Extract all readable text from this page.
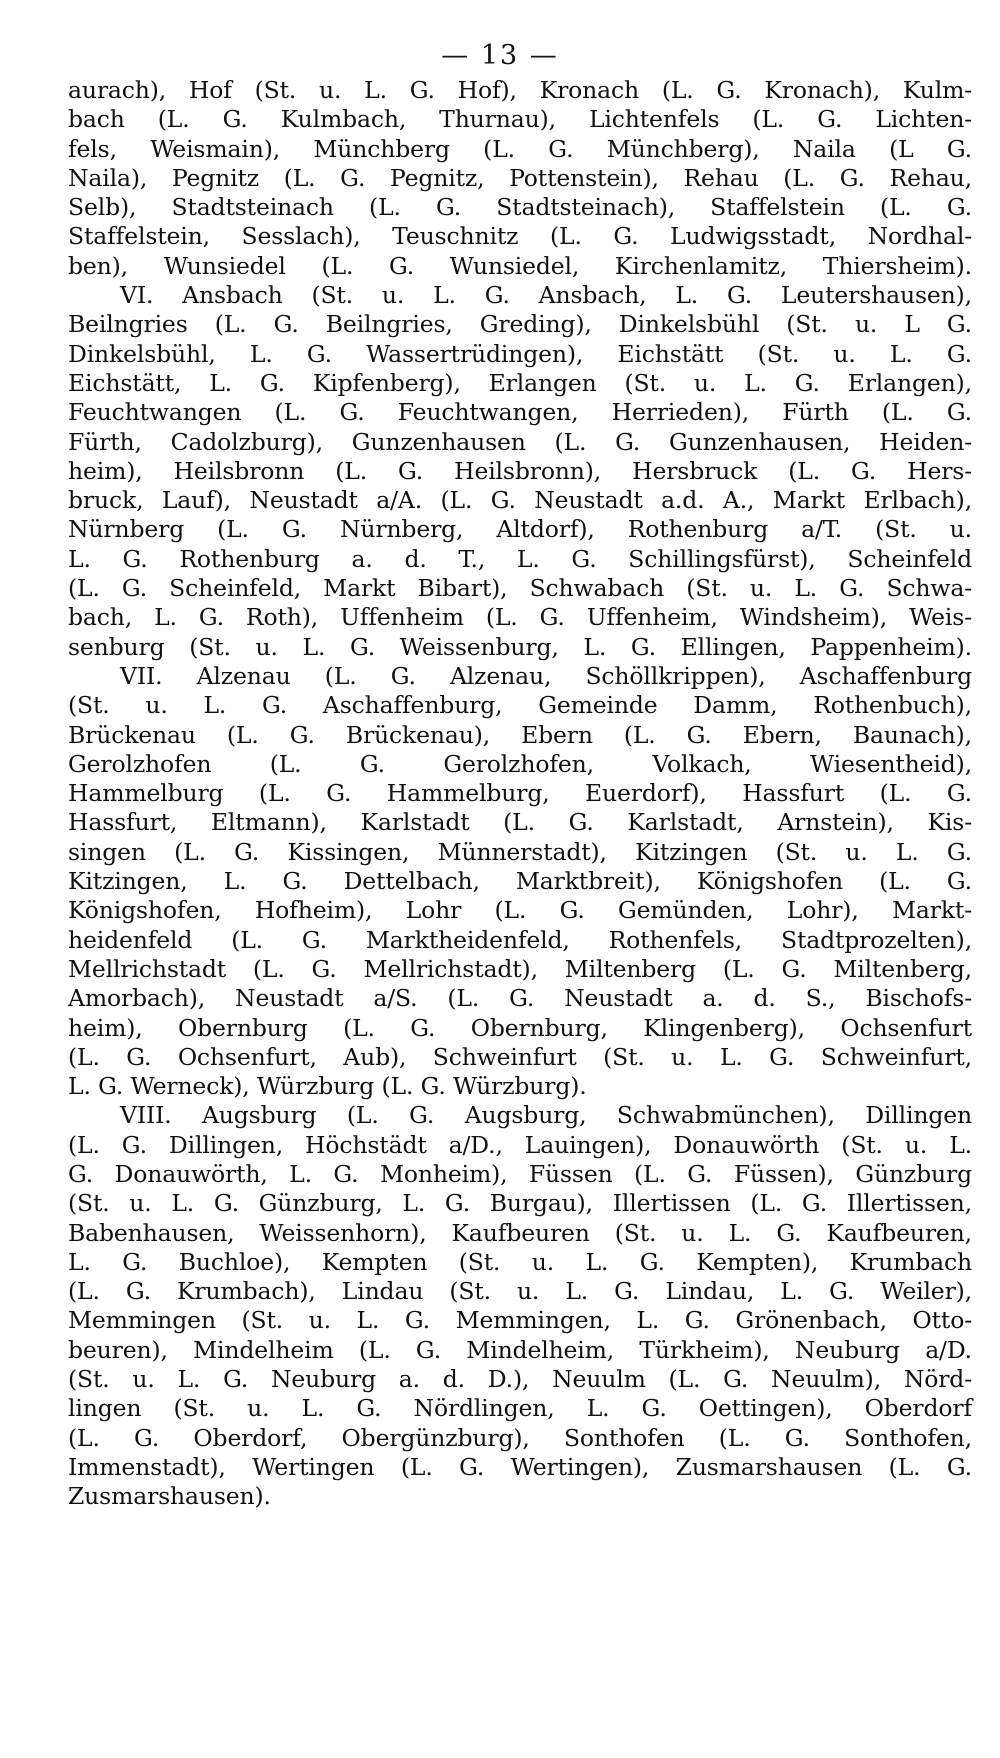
— 13 —
aurach), Hof (St. u. L. G. Hof), Kronach (L. G. Kronach), Kulm-
bach (L. G. Kulmbach, Thurnau), Lichtenfels (L. G. Lichten-
fels, Weismain), Münchberg (L. G. Münchberg), Naila (L G.
Naila), Pegnitz (L. G. Pegnitz, Pottenstein), Rehau (L. G. Rehau,
Selb), Stadtsteinach (L. G. Stadtsteinach), Staffelstein (L. G.
Staffelstein, Sesslach), Teuschnitz (L. G. Ludwigsstadt, Nordhal-
ben), Wunsiedel (L. G. Wunsiedel, Kirchenlamitz, Thiersheim).
VI. Ansbach (St. u. L. G. Ansbach, L. G. Leutershausen),
Beilngries (L. G. Beilngries, Greding), Dinkelsbühl (St. u. L G.
Dinkelsbühl, L. G. Wassertrüdingen), Eichstätt (St. u. L. G.
Eichstätt, L. G. Kipfenberg), Erlangen (St. u. L. G. Erlangen),
Feuchtwangen (L. G. Feuchtwangen, Herrieden), Fürth (L. G.
Fürth, Cadolzburg), Gunzenhausen (L. G. Gunzenhausen, Heiden-
heim), Heilsbronn (L. G. Heilsbronn), Hersbruck (L. G. Hers-
bruck, Lauf), Neustadt a/A. (L. G. Neustadt a.d. A., Markt Erlbach),
Nürnberg (L. G. Nürnberg, Altdorf), Rothenburg a/T. (St. u.
L. G. Rothenburg a. d. T., L. G. Schillingsfürst), Scheinfeld
(L. G. Scheinfeld, Markt Bibart), Schwabach (St. u. L. G. Schwa-
bach, L. G. Roth), Uffenheim (L. G. Uffenheim, Windsheim), Weis-
senburg (St. u. L. G. Weissenburg, L. G. Ellingen, Pappenheim).
VII. Alzenau (L. G. Alzenau, Schöllkrippen), Aschaffenburg
(St. u. L. G. Aschaffenburg, Gemeinde Damm, Rothenbuch),
Brückenau (L. G. Brückenau), Ebern (L. G. Ebern, Baunach),
Gerolzhofen (L. G. Gerolzhofen, Volkach, Wiesentheid),
Hammelburg (L. G. Hammelburg, Euerdorf), Hassfurt (L. G.
Hassfurt, Eltmann), Karlstadt (L. G. Karlstadt, Arnstein), Kis-
singen (L. G. Kissingen, Münnerstadt), Kitzingen (St. u. L. G.
Kitzingen, L. G. Dettelbach, Marktbreit), Königshofen (L. G.
Königshofen, Hofheim), Lohr (L. G. Gemünden, Lohr), Markt-
heidenfeld (L. G. Marktheidenfeld, Rothenfels, Stadtprozelten),
Mellrichstadt (L. G. Mellrichstadt), Miltenberg (L. G. Miltenberg,
Amorbach), Neustadt a/S. (L. G. Neustadt a. d. S., Bischofs-
heim), Obernburg (L. G. Obernburg, Klingenberg), Ochsenfurt
(L. G. Ochsenfurt, Aub), Schweinfurt (St. u. L. G. Schweinfurt,
L. G. Werneck), Würzburg (L. G. Würzburg).
VIII. Augsburg (L. G. Augsburg, Schwabmünchen), Dillingen
(L. G. Dillingen, Höchstädt a/D., Lauingen), Donauwörth (St. u. L.
G. Donauwörth, L. G. Monheim), Füssen (L. G. Füssen), Günzburg
(St. u. L. G. Günzburg, L. G. Burgau), Illertissen (L. G. Illertissen,
Babenhausen, Weissenhorn), Kaufbeuren (St. u. L. G. Kaufbeuren,
L. G. Buchloe), Kempten (St. u. L. G. Kempten), Krumbach
(L. G. Krumbach), Lindau (St. u. L. G. Lindau, L. G. Weiler),
Memmingen (St. u. L. G. Memmingen, L. G. Grönenbach, Otto-
beuren), Mindelheim (L. G. Mindelheim, Türkheim), Neuburg a/D.
(St. u. L. G. Neuburg a. d. D.), Neuulm (L. G. Neuulm), Nörd-
lingen (St. u. L. G. Nördlingen, L. G. Oettingen), Oberdorf
(L. G. Oberdorf, Obergünzburg), Sonthofen (L. G. Sonthofen,
Immenstadt), Wertingen (L. G. Wertingen), Zusmarshausen (L. G.
Zusmarshausen).
